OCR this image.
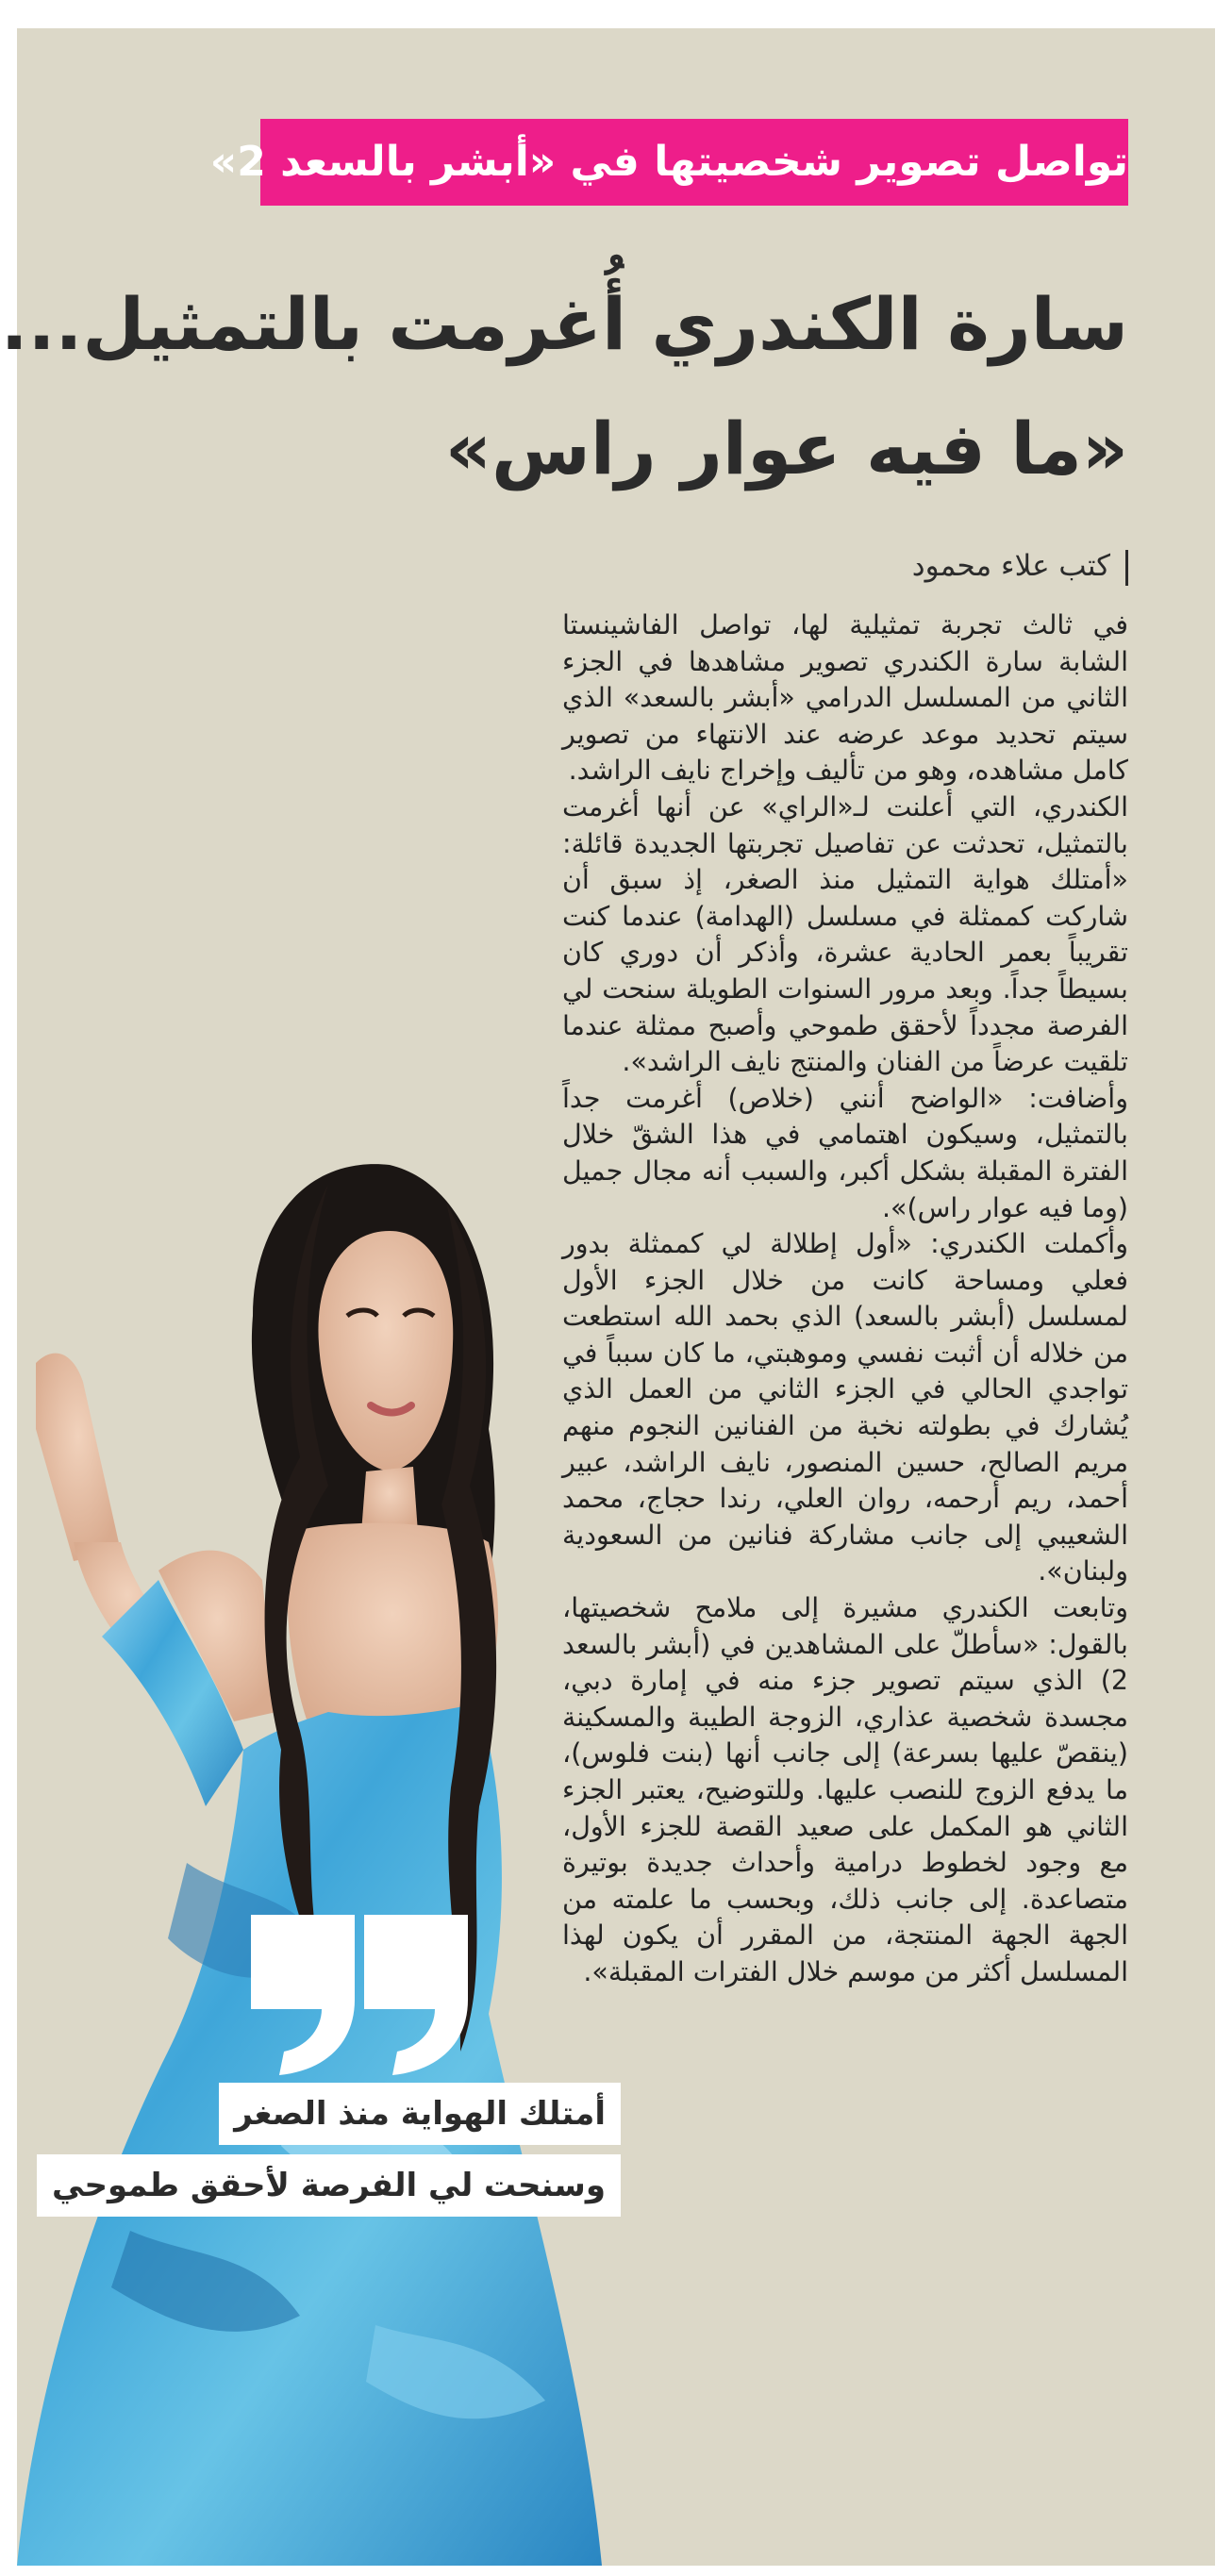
تواصل تصوير شخصيتها في «أبشر بالسعد 2»
سارة الكندري أُغرمت بالتمثيل...
«ما فيه عوار راس»
كتب علاء محمود
أمتلك الهواية منذ الصغر
وسنحت لي الفرصة لأحقق طموحي

في ثالث تجربة تمثيلية لها، تواصل الفاشينستا الشابة سارة الكندري تصوير مشاهدها في الجزء الثاني من المسلسل الدرامي «أبشر بالسعد» الذي سيتم تحديد موعد عرضه عند الانتهاء من تصوير كامل مشاهده، وهو من تأليف وإخراج نايف الراشد.

الكندري، التي أعلنت لـ«الراي» عن أنها أغرمت بالتمثيل، تحدثت عن تفاصيل تجربتها الجديدة قائلة: «أمتلك هواية التمثيل منذ الصغر، إذ سبق أن شاركت كممثلة في مسلسل (الهدامة) عندما كنت تقريباً بعمر الحادية عشرة، وأذكر أن دوري كان بسيطاً جداً. وبعد مرور السنوات الطويلة سنحت لي الفرصة مجدداً لأحقق طموحي وأصبح ممثلة عندما تلقيت عرضاً من الفنان والمنتج نايف الراشد».

وأضافت: «الواضح أنني (خلاص) أغرمت جداً بالتمثيل، وسيكون اهتمامي في هذا الشقّ خلال الفترة المقبلة بشكل أكبر، والسبب أنه مجال جميل (وما فيه عوار راس)».

وأكملت الكندري: «أول إطلالة لي كممثلة بدور فعلي ومساحة كانت من خلال الجزء الأول لمسلسل (أبشر بالسعد) الذي بحمد الله استطعت من خلاله أن أثبت نفسي وموهبتي، ما كان سبباً في تواجدي الحالي في الجزء الثاني من العمل الذي يُشارك في بطولته نخبة من الفنانين النجوم منهم مريم الصالح، حسين المنصور، نايف الراشد، عبير أحمد، ريم أرحمه، روان العلي، رندا حجاج، محمد الشعيبي إلى جانب مشاركة فنانين من السعودية ولبنان».

وتابعت الكندري مشيرة إلى ملامح شخصيتها، بالقول: «سأطلّ على المشاهدين في (أبشر بالسعد 2) الذي سيتم تصوير جزء منه في إمارة دبي، مجسدة شخصية عذاري، الزوجة الطيبة والمسكينة (ينقصّ عليها بسرعة) إلى جانب أنها (بنت فلوس)، ما يدفع الزوج للنصب عليها. وللتوضيح، يعتبر الجزء الثاني هو المكمل على صعيد القصة للجزء الأول، مع وجود لخطوط درامية وأحداث جديدة بوتيرة متصاعدة. إلى جانب ذلك، وبحسب ما علمته من الجهة الجهة المنتجة، من المقرر أن يكون لهذا المسلسل أكثر من موسم خلال الفترات المقبلة».
